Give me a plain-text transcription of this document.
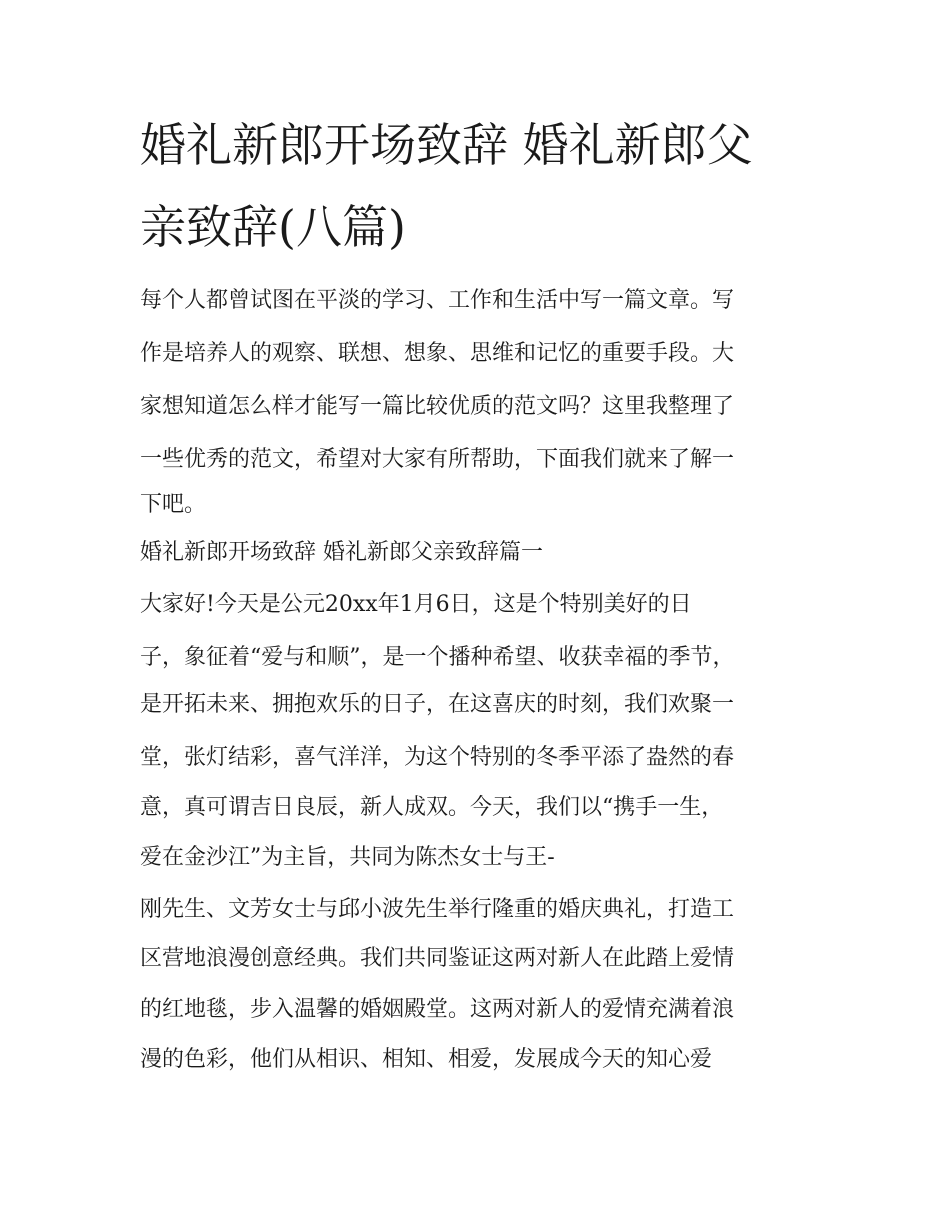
婚礼新郎开场致辞 婚礼新郎父
亲致辞(八篇)
每个人都曾试图在平淡的学习、工作和生活中写一篇文章。写
作是培养人的观察、联想、想象、思维和记忆的重要手段。大
家想知道怎么样才能写一篇比较优质的范文吗？这里我整理了
一些优秀的范文，希望对大家有所帮助，下面我们就来了解一
下吧。
婚礼新郎开场致辞 婚礼新郎父亲致辞篇一
大家好!今天是公元20xx年1月6日，这是个特别美好的日
子，象征着“爱与和顺”，是一个播种希望、收获幸福的季节，
是开拓未来、拥抱欢乐的日子，在这喜庆的时刻，我们欢聚一
堂，张灯结彩，喜气洋洋，为这个特别的冬季平添了盎然的春
意，真可谓吉日良辰，新人成双。今天，我们以“携手一生，
爱在金沙江”为主旨，共同为陈杰女士与王-
刚先生、文芳女士与邱小波先生举行隆重的婚庆典礼，打造工
区营地浪漫创意经典。我们共同鉴证这两对新人在此踏上爱情
的红地毯，步入温馨的婚姻殿堂。这两对新人的爱情充满着浪
漫的色彩，他们从相识、相知、相爱，发展成今天的知心爱
